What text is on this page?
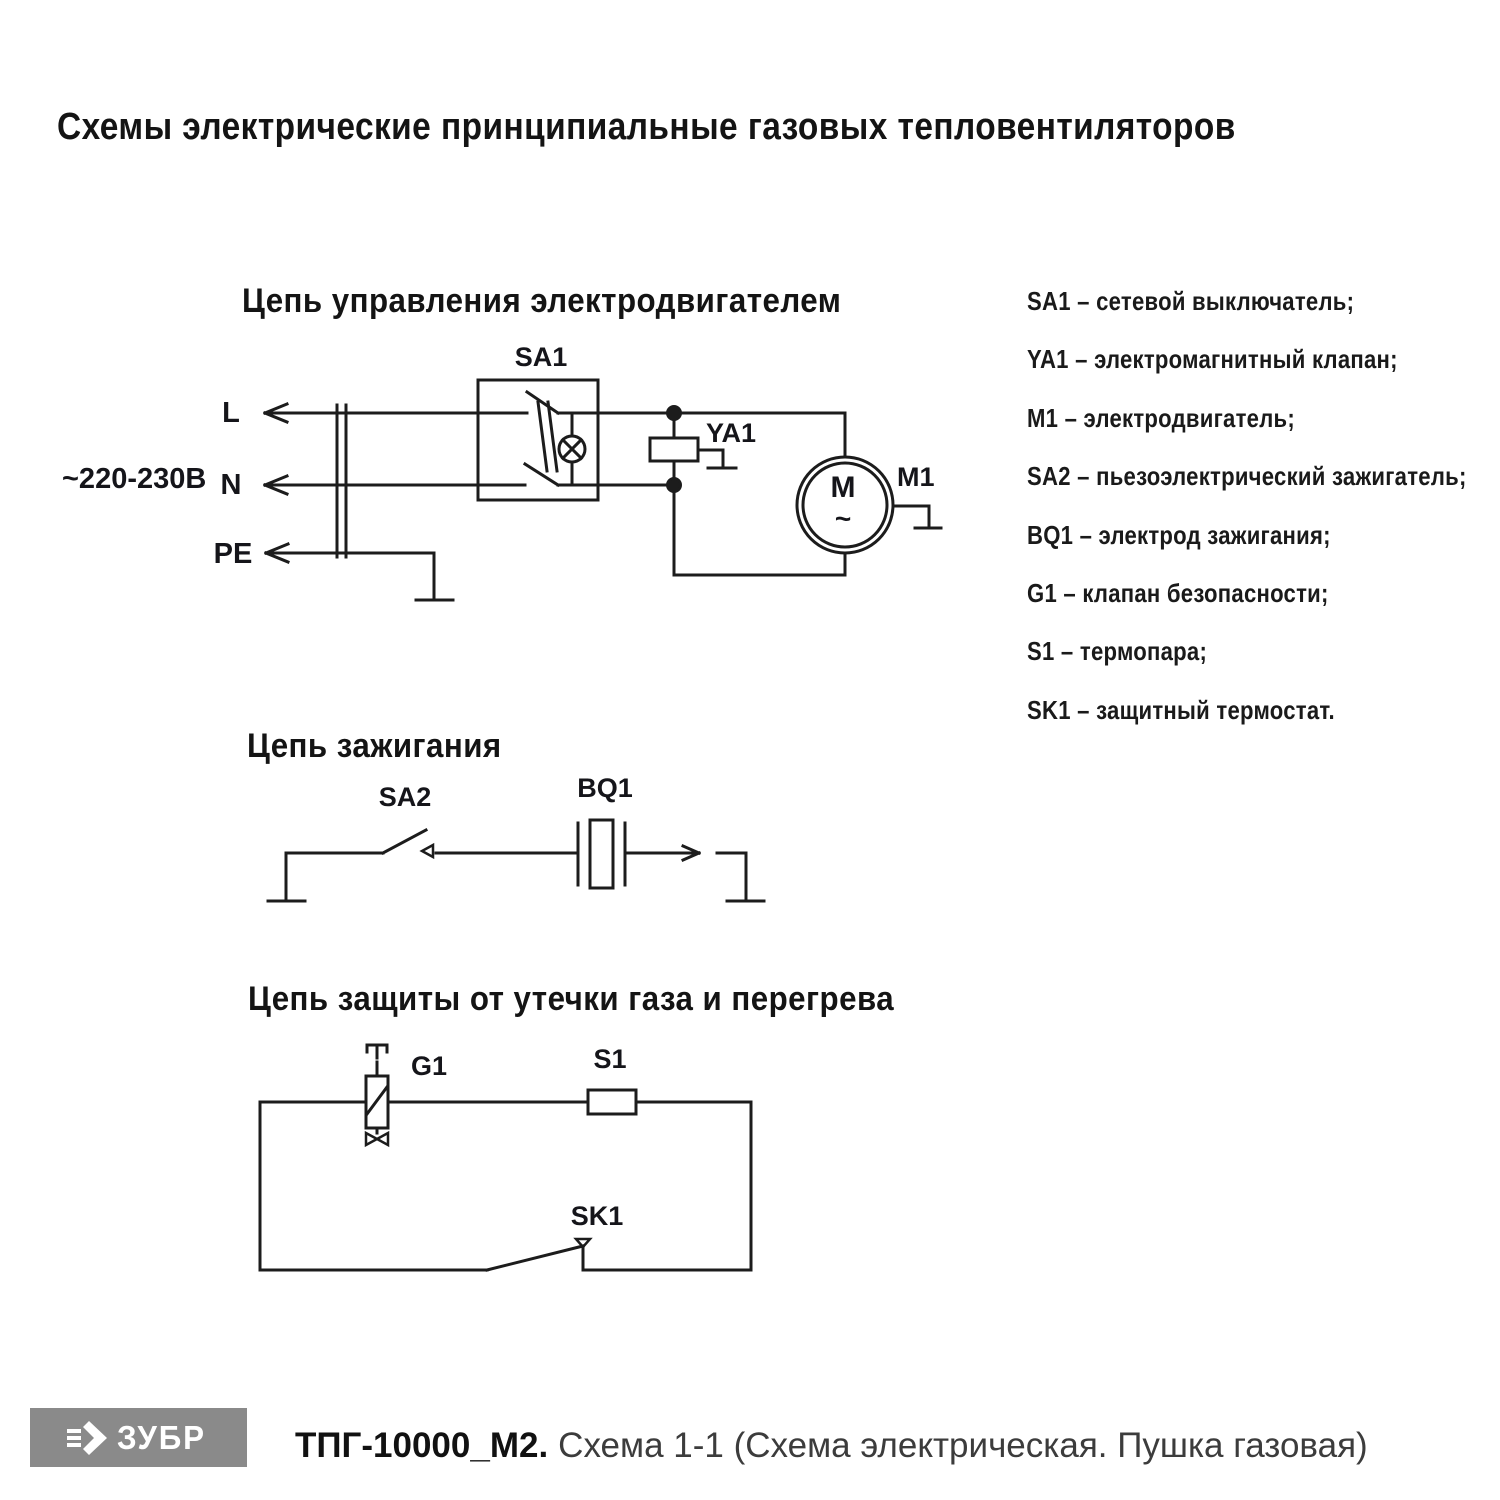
Схемы электрические принципиальные газовых тепловентиляторов
Цепь управления электродвигателем
Цепь зажигания
Цепь защиты от утечки газа и перегрева
SA1 – сетевой выключатель;
YA1 – электромагнитный клапан;
M1 – электродвигатель;
SA2 – пьезоэлектрический зажигатель;
BQ1 – электрод зажигания;
G1 – клапан безопасности;
S1 – термопара;
SK1 – защитный термостат.
L
N
PE
~220-230В
SA1
YA1
M1
M
~
SA2	BQ1
G1	S1
SK1
ЗУБР	ТПГ-10000_М2. Схема 1-1 (Схема электрическая. Пушка газовая)
